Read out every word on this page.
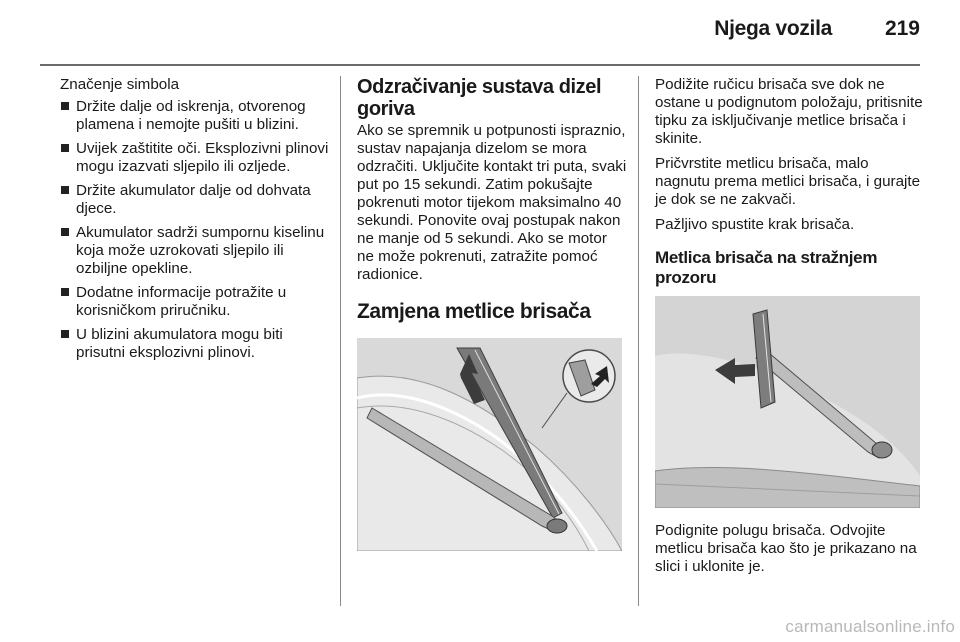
Njega vozila	219

Značenje simbola

Držite dalje od iskrenja, otvorenog plamena i nemojte pušiti u blizini.
Uvijek zaštitite oči. Eksplozivni plinovi mogu izazvati sljepilo ili ozljede.
Držite akumulator dalje od dohvata djece.
Akumulator sadrži sumpornu kiselinu koja može uzrokovati sljepilo ili ozbiljne opekline.
Dodatne informacije potražite u korisničkom priručniku.
U blizini akumulatora mogu biti prisutni eksplozivni plinovi.
Odzračivanje sustava dizel goriva

Ako se spremnik u potpunosti ispraznio, sustav napajanja dizelom se mora odzračiti. Uključite kontakt tri puta, svaki put po 15 sekundi. Zatim pokušajte pokrenuti motor tijekom maksimalno 40 sekundi. Ponovite ovaj postupak nakon ne manje od 5 sekundi. Ako se motor ne može pokrenuti, zatražite pomoć radionice.

Zamjena metlice brisača

Podižite ručicu brisača sve dok ne ostane u podignutom položaju, pritisnite tipku za isključivanje metlice brisača i skinite.

Pričvrstite metlicu brisača, malo nagnutu prema metlici brisača, i gurajte je dok se ne zakvači.

Pažljivo spustite krak brisača.

Metlica brisača na stražnjem prozoru

Podignite polugu brisača. Odvojite metlicu brisača kao što je prikazano na slici i uklonite je.

carmanualsonline.info
